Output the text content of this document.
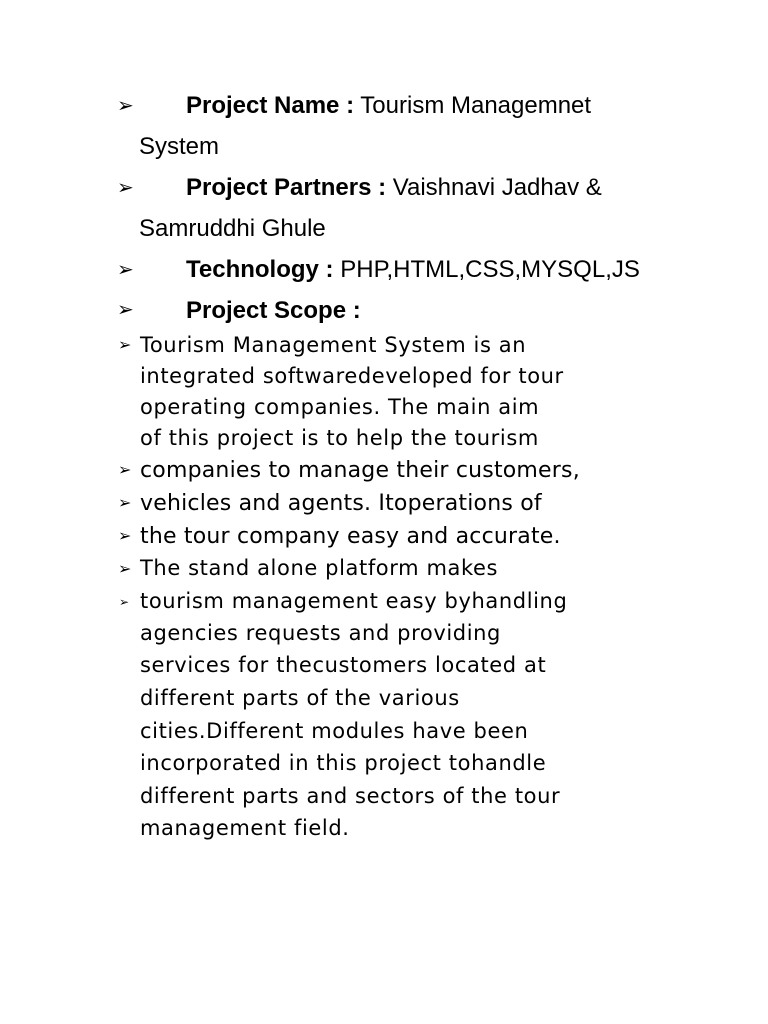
➢	Project Name : Tourism Managemnet
System

➢	Project Partners : Vaishnavi Jadhav &
Samruddhi Ghule

➢	Technology : PHP,HTML,CSS,MYSQL,JS

➢	Project Scope :

➢
➢
➢
➢
➢
➢

Tourism Management System is an

integrated softwaredeveloped for tour

operating companies. The main aim

of this project is to help the tourism

companies to manage their customers,

vehicles and agents. Itoperations of

the tour company easy and accurate.

The stand alone platform makes

tourism management easy byhandling

agencies requests and providing

services for thecustomers located at

different parts of the various

cities.Different modules have been

incorporated in this project tohandle

different parts and sectors of the tour

management field.
